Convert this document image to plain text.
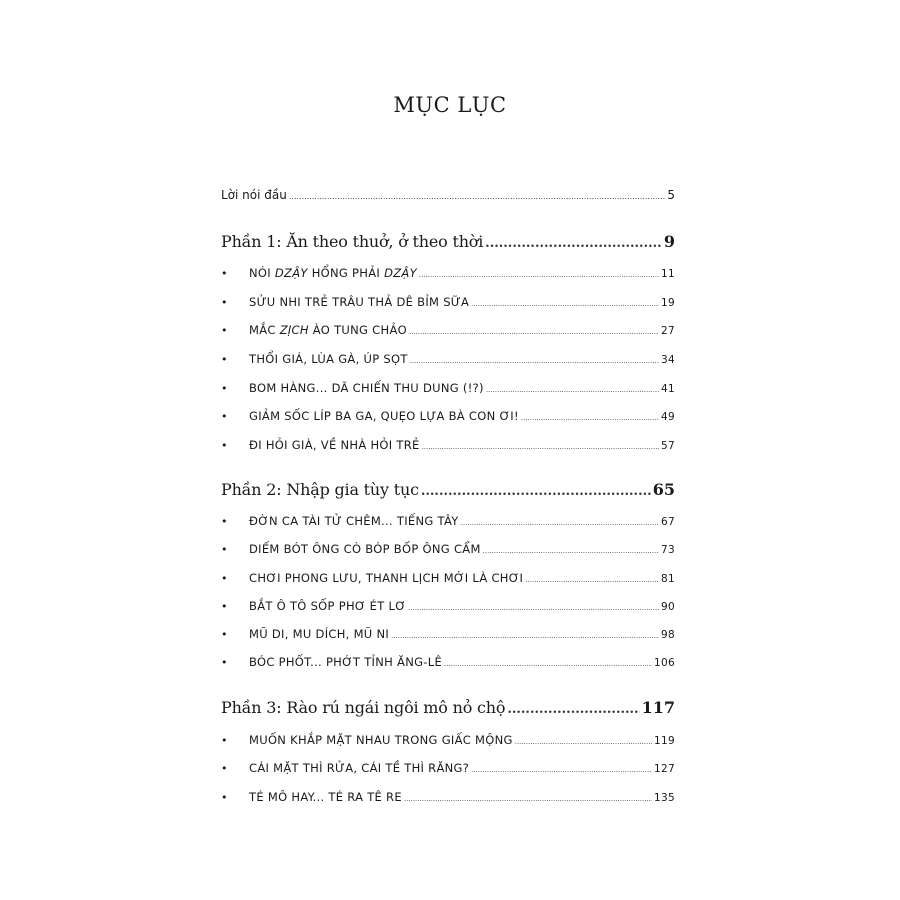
MỤC LỤC
Lời nói đầu .....	5
Phần 1: Ăn theo thuở, ở theo thời .....	9
•	NÓI DZẬY HỔNG PHẢI DZẬY .....	11
•	SỬU NHI TRẺ TRÂU THẢ DÊ BỈM SỮA .....	19
•	MẮC ZỊCH ÀO TUNG CHẢO .....	27
•	THỔI GIÁ, LÙA GÀ, ÚP SỌT .....	34
•	BOM HÀNG... DÃ CHIẾN THU DUNG (!?) .....	41
•	GIẢM SỐC LÍP BA GA, QUẸO LỰA BÀ CON ƠI! .....	49
•	ĐI HỎI GIÀ, VỀ NHÀ HỎI TRẺ .....	57
Phần 2: Nhập gia tùy tục .....	65
•	ĐỜN CA TÀI TỬ CHÊM... TIẾNG TÂY .....	67
•	DIẾM BÓT ÔNG CÒ BÓP BỐP ÔNG CẨM .....	73
•	CHƠI PHONG LƯU, THANH LỊCH MỚI LÀ CHƠI .....	81
•	BẮT Ô TÔ SỐP PHƠ ÉT LƠ .....	90
•	MŨ DI, MU DÍCH, MŨ NI .....	98
•	BÓC PHỐT... PHỚT TỈNH ĂNG-LÊ .....	106
Phần 3: Rào rú ngái ngôi mô nỏ chộ .....	117
•	MUỐN KHẮP MẶT NHAU TRONG GIẤC MỘNG .....	119
•	CÁI MẶT THÌ RỬA, CÁI TỀ THÌ RĂNG? .....	127
•	TÉ MÔ HAY... TÉ RA TÊ RE .....	135
